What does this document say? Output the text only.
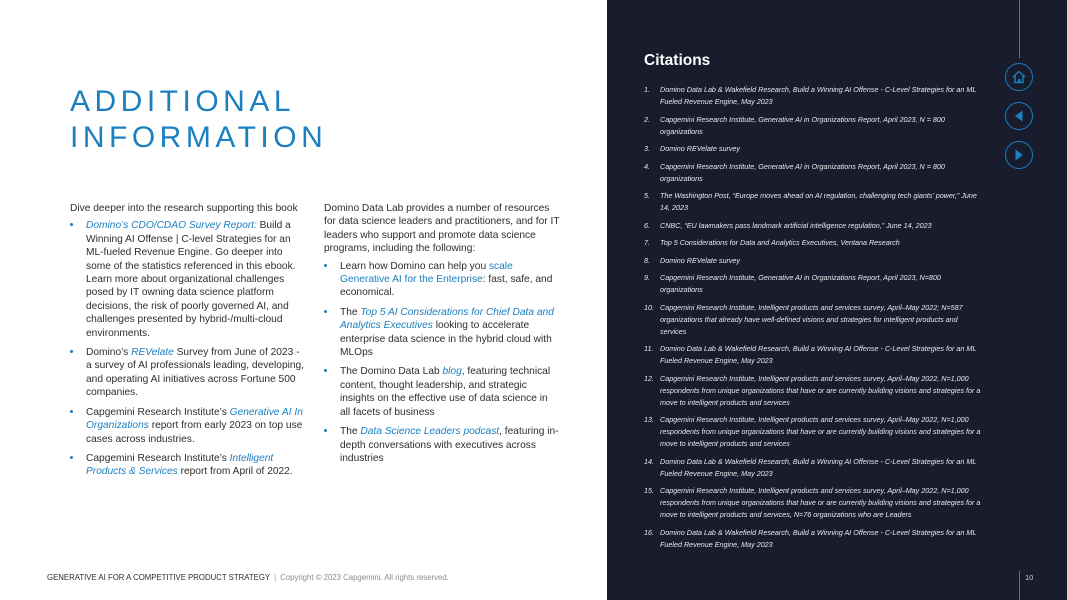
ADDITIONAL
INFORMATION

Dive deeper into the research supporting this book

Domino’s CDO/CDAO Survey Report: Build a Winning AI Offense | C-level Strategies for an ML-fueled Revenue Engine. Go deeper into some of the statistics referenced in this ebook. Learn more about organizational challenges posed by IT owning data science platform decisions, the risk of poorly governed AI, and challenges presented by hybrid-/multi-cloud environments.
Domino’s REVelate Survey from June of 2023 - a survey of AI professionals leading, developing, and operating AI initiatives across Fortune 500 companies.
Capgemini Research Institute’s Generative AI In Organizations report from early 2023 on top use cases across industries.
Capgemini Research Institute’s Intelligent Products & Services report from April of 2022.

Domino Data Lab provides a number of resources for data science leaders and practitioners, and for IT leaders who support and promote data science programs, including the following:

Learn how Domino can help you scale Generative AI for the Enterprise: fast, safe, and economical.
The Top 5 AI Considerations for Chief Data and Analytics Executives looking to accelerate enterprise data science in the hybrid cloud with MLOps
The Domino Data Lab blog, featuring technical content, thought leadership, and strategic insights on the effective use of data science in all facets of business
The Data Science Leaders podcast, featuring in-depth conversations with executives across industries
GENERATIVE AI FOR A COMPETITIVE PRODUCT STRATEGY | Copyright © 2023 Capgemini. All rights reserved.
Citations
1. Domino Data Lab & Wakefield Research, Build a Winning AI Offense - C-Level Strategies for an ML Fueled Revenue Engine, May 2023
2. Capgemini Research Institute, Generative AI in Organizations Report, April 2023, N = 800 organizations
3. Domino REVelate survey
4. Capgemini Research Institute, Generative AI in Organizations Report, April 2023, N = 800 organizations
5. The Washington Post, “Europe moves ahead on AI regulation, challenging tech giants’ power,” June 14, 2023
6. CNBC, “EU lawmakers pass landmark artificial intelligence regulation,” June 14, 2023
7. Top 5 Considerations for Data and Analytics Executives, Ventana Research
8. Domino REVelate survey
9. Capgemini Research Institute, Generative AI in Organizations Report, April 2023, N=800 organizations
10. Capgemini Research Institute, Intelligent products and services survey, April–May 2022; N=587 organizations that already have well-defined visions and strategies for intelligent products and services
11. Domino Data Lab & Wakefield Research, Build a Winning AI Offense - C-Level Strategies for an ML Fueled Revenue Engine, May 2023
12. Capgemini Research Institute, Intelligent products and services survey, April–May 2022, N=1,000 respondents from unique organizations that have or are currently building visions and strategies for a move to intelligent products and services
13. Capgemini Research Institute, Intelligent products and services survey, April–May 2022, N=1,000 respondents from unique organizations that have or are currently building visions and strategies for a move to intelligent products and services
14. Domino Data Lab & Wakefield Research, Build a Winning AI Offense - C-Level Strategies for an ML Fueled Revenue Engine, May 2023
15. Capgemini Research Institute, Intelligent products and services survey, April–May 2022, N=1,000 respondents from unique organizations that have or are currently building visions and strategies for a move to intelligent products and services, N=76 organizations who are Leaders
16. Domino Data Lab & Wakefield Research, Build a Winning AI Offense - C-Level Strategies for an ML Fueled Revenue Engine, May 2023
10
